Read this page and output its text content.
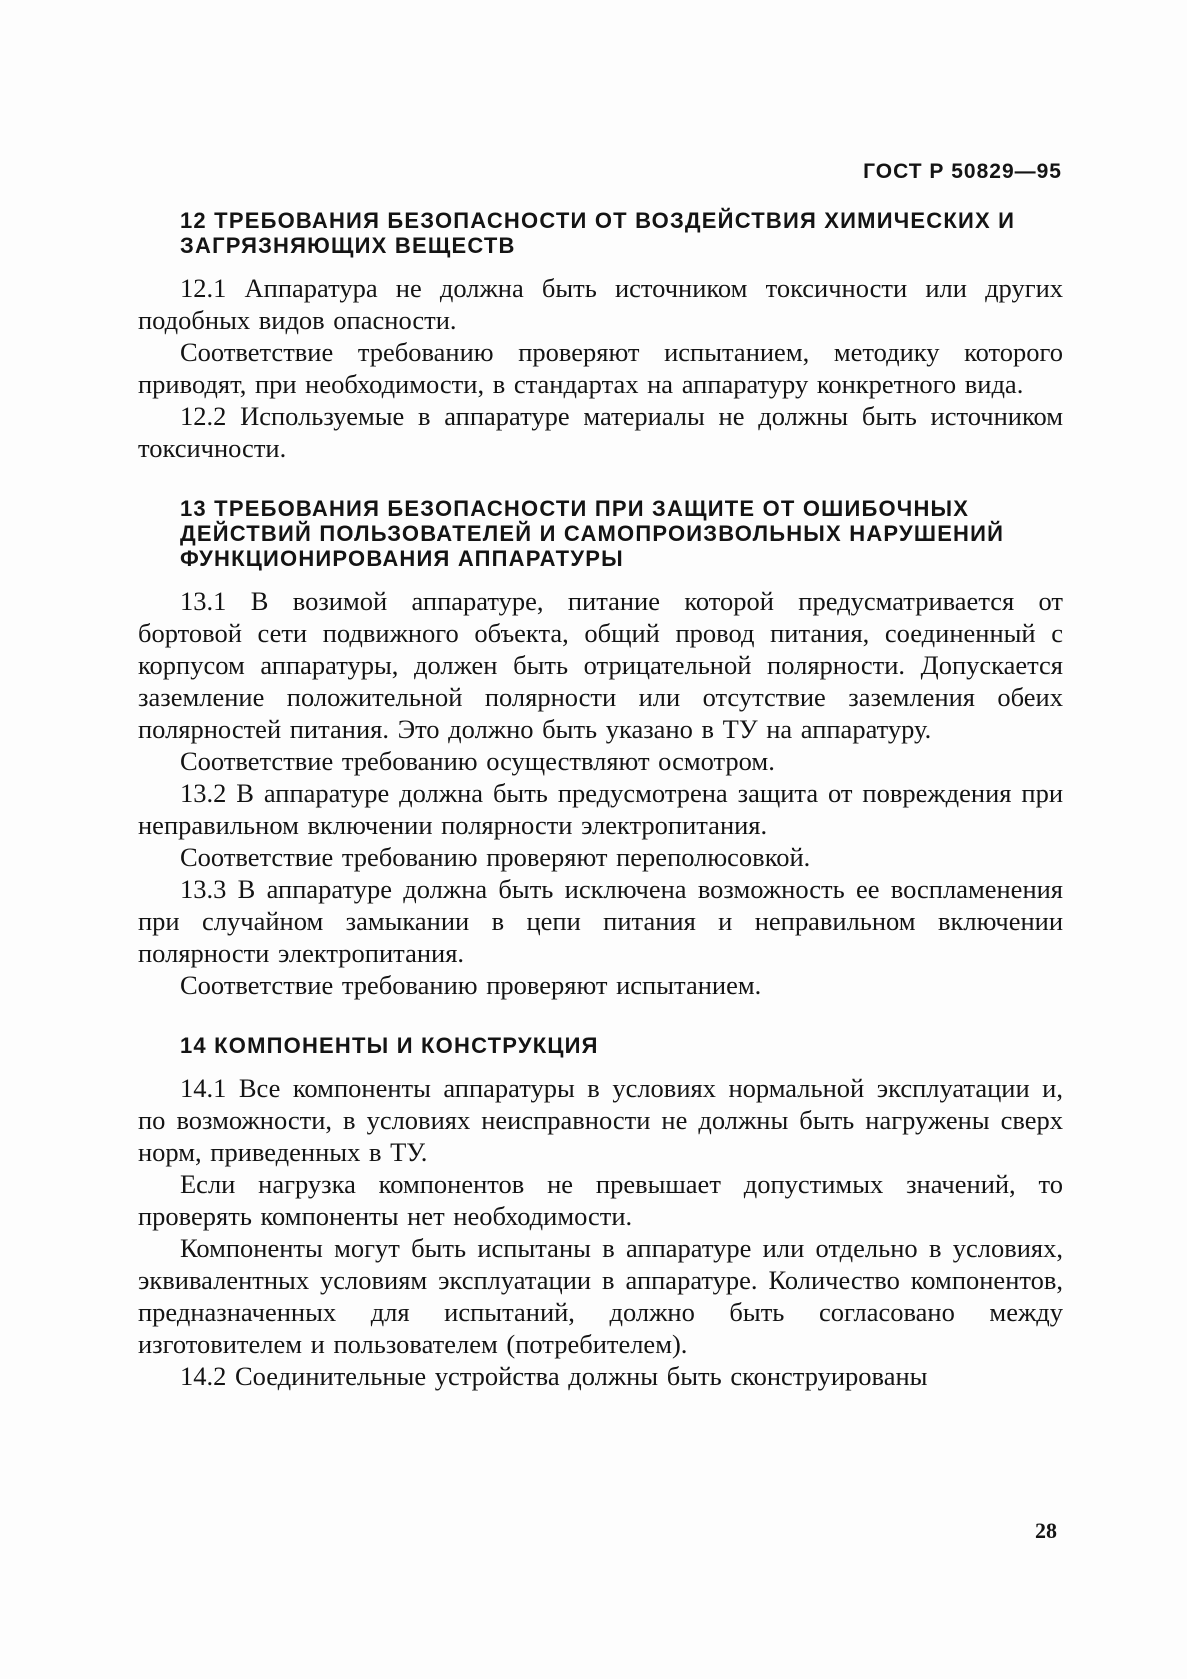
ГОСТ Р 50829—95
12 ТРЕБОВАНИЯ БЕЗОПАСНОСТИ ОТ ВОЗДЕЙСТВИЯ ХИМИЧЕСКИХ И ЗАГРЯЗНЯЮЩИХ ВЕЩЕСТВ

12.1 Аппаратура не должна быть источником токсичности или других подобных видов опасности.

Соответствие требованию проверяют испытанием, методику которого приводят, при необходимости, в стандартах на аппаратуру конкретного вида.

12.2 Используемые в аппаратуре материалы не должны быть источником токсичности.

13 ТРЕБОВАНИЯ БЕЗОПАСНОСТИ ПРИ ЗАЩИТЕ ОТ ОШИБОЧНЫХ ДЕЙСТВИЙ ПОЛЬЗОВАТЕЛЕЙ И САМОПРОИЗВОЛЬНЫХ НАРУШЕНИЙ ФУНКЦИОНИРОВАНИЯ АППАРАТУРЫ

13.1 В возимой аппаратуре, питание которой предусматривается от бортовой сети подвижного объекта, общий провод питания, соединенный с корпусом аппаратуры, должен быть отрицательной полярности. Допускается заземление положительной полярности или отсутствие заземления обеих полярностей питания. Это должно быть указано в ТУ на аппаратуру.

Соответствие требованию осуществляют осмотром.

13.2 В аппаратуре должна быть предусмотрена защита от повреждения при неправильном включении полярности электропитания.

Соответствие требованию проверяют переполюсовкой.

13.3 В аппаратуре должна быть исключена возможность ее воспламенения при случайном замыкании в цепи питания и неправильном включении полярности электропитания.

Соответствие требованию проверяют испытанием.

14 КОМПОНЕНТЫ И КОНСТРУКЦИЯ

14.1 Все компоненты аппаратуры в условиях нормальной эксплуатации и, по возможности, в условиях неисправности не должны быть нагружены сверх норм, приведенных в ТУ.

Если нагрузка компонентов не превышает допустимых значений, то проверять компоненты нет необходимости.

Компоненты могут быть испытаны в аппаратуре или отдельно в условиях, эквивалентных условиям эксплуатации в аппаратуре. Количество компонентов, предназначенных для испытаний, должно быть согласовано между изготовителем и пользователем (потребителем).

14.2 Соединительные устройства должны быть сконструированы

28
